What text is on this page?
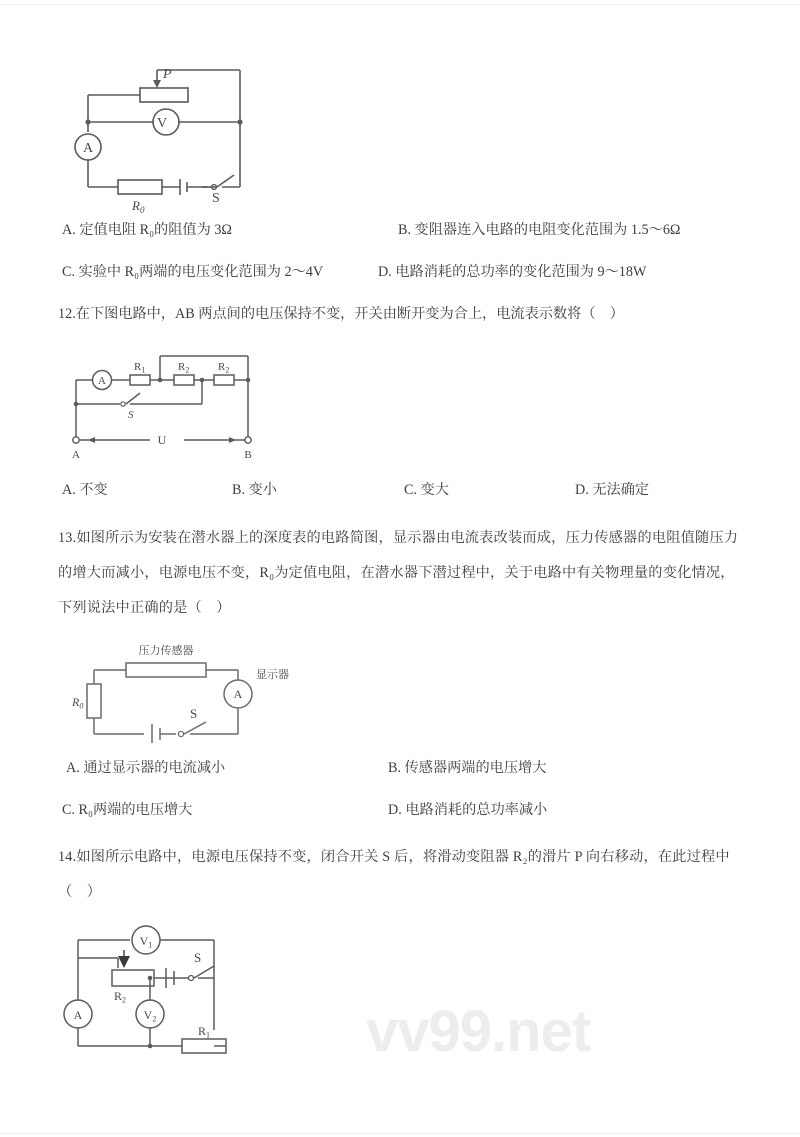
P
V
A
$R_0$
S
A. 定值电阻 R₀的阻值为 3Ω	B. 变阻器连入电路的电阻变化范围为 1.5～6Ω
C. 实验中 R₀两端的电压变化范围为 2～4V	D. 电路消耗的总功率的变化范围为 9～18W
12.在下图电路中，AB 两点间的电压保持不变，开关由断开变为合上，电流表示数将（　）
A
$R_1$	$R_2$	$R_2$
S
U
A	B
A. 不变	B. 变小	C. 变大	D. 无法确定
13.如图所示为安装在潜水器上的深度表的电路简图，显示器由电流表改装而成，压力传感器的电阻值随压力的增大而减小，电源电压不变，R₀为定值电阻，在潜水器下潜过程中，关于电路中有关物理量的变化情况，下列说法中正确的是（　）
压力传感器
显示器
$R_0$
A
S
A. 通过显示器的电流减小	B. 传感器两端的电压增大
C. R₀两端的电压增大	D. 电路消耗的总功率减小
14.如图所示电路中，电源电压保持不变，闭合开关 S 后，将滑动变阻器 R₂的滑片 P 向右移动，在此过程中（　）
$V_1$
A	$V_2$
$R_2$
$R_1$
S
vv99.net
